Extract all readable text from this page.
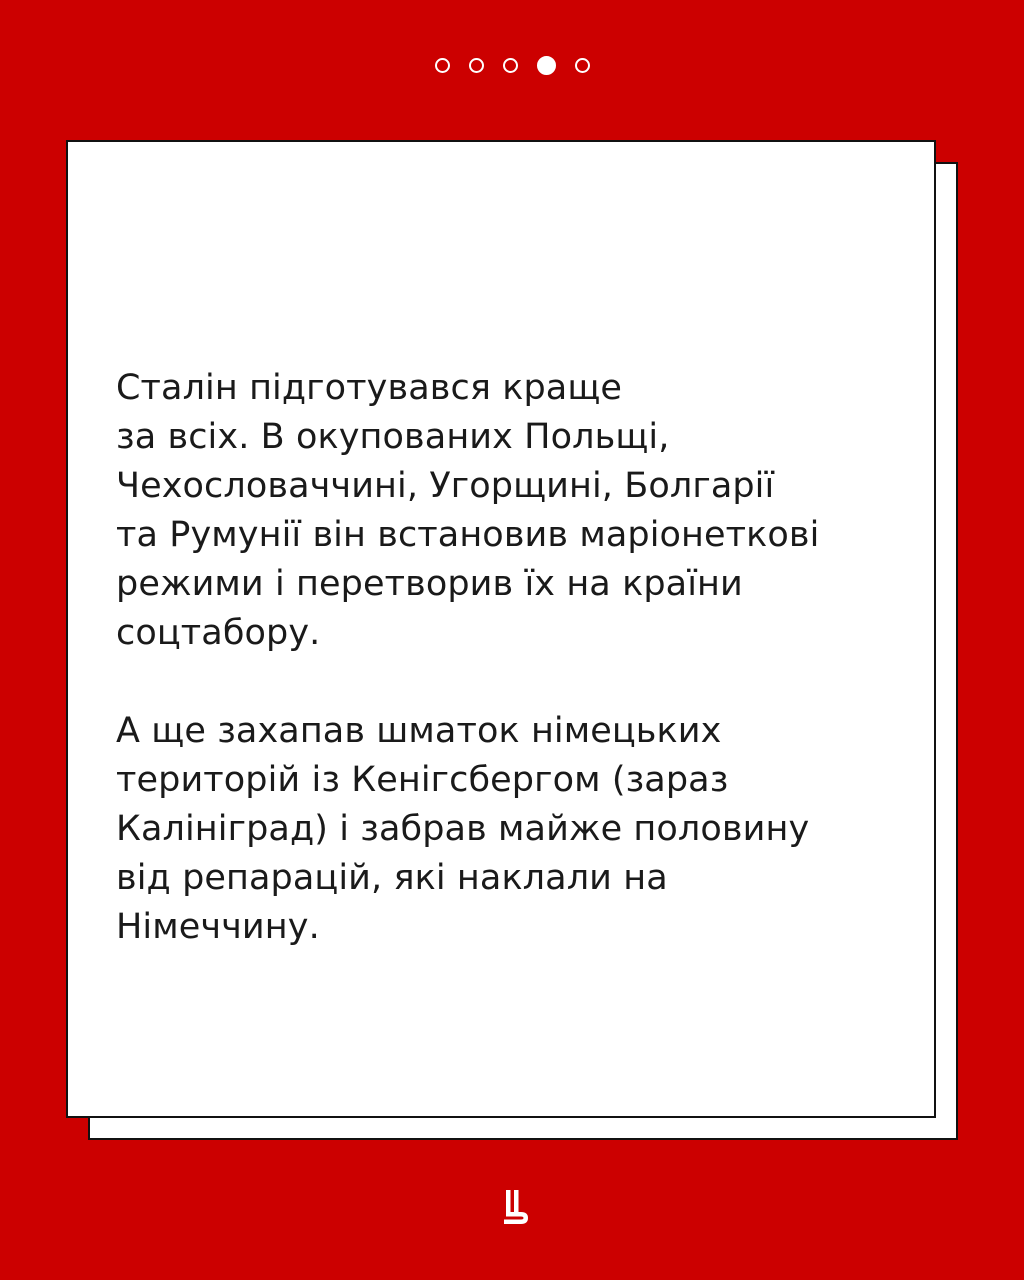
Сталін підготувався краще
за всіх. В окупованих Польщі,
Чехословаччині, Угорщині, Болгарії
та Румунії він встановив маріонеткові
режими і перетворив їх на країни
соцтабору.
А ще захапав шматок німецьких
територій із Кенігсбергом (зараз
Калініград) і забрав майже половину
від репарацій, які наклали на
Німеччину.
